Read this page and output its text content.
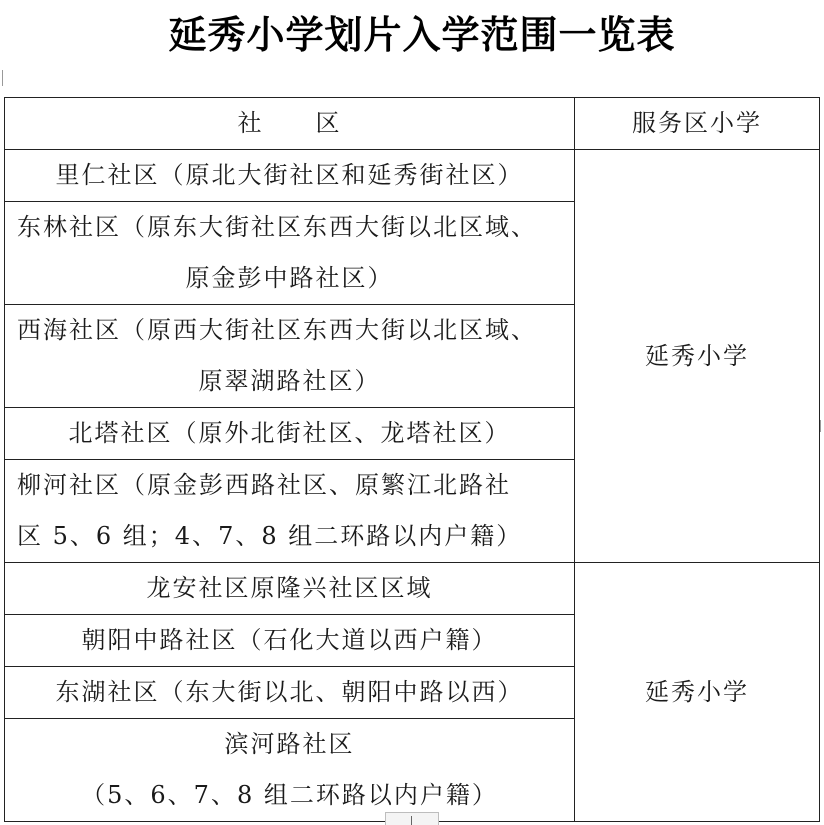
延秀小学划片入学范围一览表
社　　区	服务区小学

里仁社区（原北大街社区和延秀街社区）	延秀小学

东林社区（原东大街社区东西大街以北区域、
原金彭中路社区）	

西海社区（原西大街社区东西大街以北区域、
原翠湖路社区）	

北塔社区（原外北街社区、龙塔社区）	

柳河社区（原金彭西路社区、原繁江北路社
区 5、6 组；4、7、8 组二环路以内户籍）	

龙安社区原隆兴社区区域	延秀小学

朝阳中路社区（石化大道以西户籍）	

东湖社区（东大街以北、朝阳中路以西）	

滨河路社区
（5、6、7、8 组二环路以内户籍）	
